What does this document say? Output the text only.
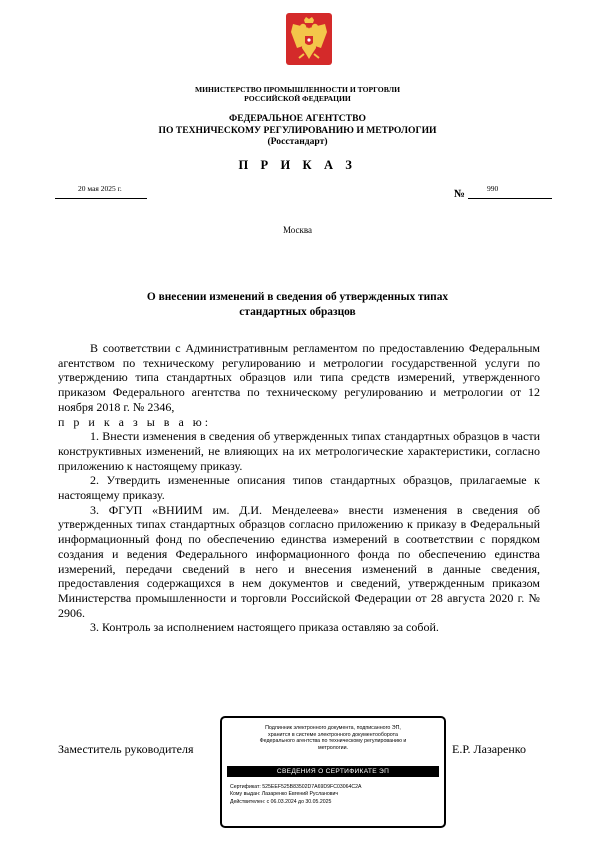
МИНИСТЕРСТВО ПРОМЫШЛЕННОСТИ И ТОРГОВЛИ
РОССИЙСКОЙ ФЕДЕРАЦИИ
ФЕДЕРАЛЬНОЕ АГЕНТСТВО
ПО ТЕХНИЧЕСКОМУ РЕГУЛИРОВАНИЮ И МЕТРОЛОГИИ
(Росстандарт)
П Р И К А З
20 мая 2025 г.	№	990
Москва
О внесении изменений в сведения об утвержденных типах
стандартных образцов

В соответствии с Административным регламентом по предоставлению Федеральным агентством по техническому регулированию и метрологии государственной услуги по утверждению типа стандартных образцов или типа средств измерений, утвержденного приказом Федерального агентства по техническому регулированию и метрологии от 12 ноября 2018 г. № 2346,

п р и к а з ы в а ю:

1. Внести изменения в сведения об утвержденных типах стандартных образцов в части конструктивных изменений, не влияющих на их метрологические характеристики, согласно приложению к настоящему приказу.

2. Утвердить измененные описания типов стандартных образцов, прилагаемые к настоящему приказу.

3. ФГУП «ВНИИМ им. Д.И. Менделеева» внести изменения в сведения об утвержденных типах стандартных образцов согласно приложению к приказу в Федеральный информационный фонд по обеспечению единства измерений в соответствии с порядком создания и ведения Федерального информационного фонда по обеспечению единства измерений, передачи сведений в него и внесения изменений в данные сведения, предоставления содержащихся в нем документов и сведений, утвержденным приказом Министерства промышленности и торговли Российской Федерации от 28 августа 2020 г. № 2906.

3. Контроль за исполнением настоящего приказа оставляю за собой.

Заместитель руководителя	Е.Р. Лазаренко
Подлинник электронного документа, подписанного ЭП,
хранится в системе электронного документооборота
Федерального агентства по техническому регулированию и
метрологии.
СВЕДЕНИЯ О СЕРТИФИКАТЕ ЭП
Сертификат: 525EEF525B83502D7A69D9FC03064C2A
Кому выдан: Лазаренко Евгений Русланович
Действителен: с 06.03.2024 до 30.05.2025
